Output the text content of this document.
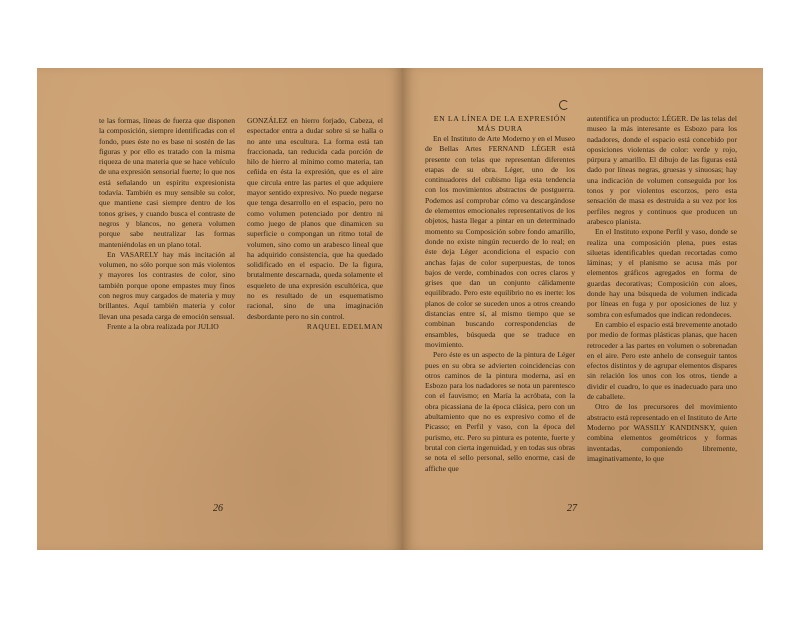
te las formas, líneas de fuerza que disponen la composición, siempre identificadas con el fondo, pues éste no es base ni sostén de las figuras y por ello es tratado con la misma riqueza de una materia que se hace vehículo de una expresión sensorial fuerte; lo que nos está señalando un espíritu expresionista todavía. También es muy sensible su color, que mantiene casi siempre dentro de los tonos grises, y cuando busca el contraste de negros y blancos, no genera volumen porque sabe neutralizar las formas manteniéndolas en un plano total.

En VASARELY hay más incitación al volumen, no sólo porque son más violentos y mayores los contrastes de color, sino también porque opone empastes muy finos con negros muy cargados de materia y muy brillantes. Aquí también materia y color llevan una pesada carga de emoción sensual.

Frente a la obra realizada por JULIO

GONZÁLEZ en hierro forjado, Cabeza, el espectador entra a dudar sobre si se halla o no ante una escultura. La forma está tan fraccionada, tan reducida cada porción de hilo de hierro al mínimo como materia, tan ceñida en ésta la expresión, que es el aire que circula entre las partes el que adquiere mayor sentido expresivo. No puede negarse que tenga desarrollo en el espacio, pero no como volumen potenciado por dentro ni como juego de planos que dinamicen su superficie o compongan un ritmo total de volumen, sino como un arabesco lineal que ha adquirido consistencia, que ha quedado solidificado en el espacio. De la figura, brutalmente descarnada, queda solamente el esqueleto de una expresión escultórica, que no es resultado de un esquematismo racional, sino de una imaginación desbordante pero no sin control.

RAQUEL EDELMAN

26

EN LA LÍNEA DE LA EXPRESIÓN
MÁS DURA

En el Instituto de Arte Moderno y en el Museo de Bellas Artes FERNAND LÉGER está presente con telas que representan diferentes etapas de su obra. Léger, uno de los continuadores del cubismo liga esta tendencia con los movimientos abstractos de postguerra. Podemos así comprobar cómo va descargándose de elementos emocionales representativos de los objetos, hasta llegar a pintar en un determinado momento su Composición sobre fondo amarillo, donde no existe ningún recuerdo de lo real; en éste deja Léger acondiciona el espacio con anchas fajas de color superpuestas, de tonos bajos de verde, combinados con ocres claros y grises que dan un conjunto cálidamente equilibrado. Pero este equilibrio no es inerte: los planos de color se suceden unos a otros creando distancias entre sí, al mismo tiempo que se combinan buscando correspondencias de ensambles, búsqueda que se traduce en movimiento.

Pero éste es un aspecto de la pintura de Léger pues en su obra se advierten coincidencias con otros caminos de la pintura moderna, así en Esbozo para los nadadores se nota un parentesco con el fauvismo; en María la acróbata, con la obra picassiana de la época clásica, pero con un abultamiento que no es expresivo como el de Picasso; en Perfil y vaso, con la época del purismo, etc. Pero su pintura es potente, fuerte y brutal con cierta ingenuidad, y en todas sus obras se nota el sello personal, sello enorme, casi de affiche que

autentifica un producto: LÉGER. De las telas del museo la más interesante es Esbozo para los nadadores, donde el espacio está concebido por oposiciones violentas de color: verde y rojo, púrpura y amarillo. El dibujo de las figuras está dado por líneas negras, gruesas y sinuosas; hay una indicación de volumen conseguida por los tonos y por violentos escorzos, pero esta sensación de masa es destruida a su vez por los perfiles negros y continuos que producen un arabesco planista.

En el Instituto expone Perfil y vaso, donde se realiza una composición plena, pues estas siluetas identificables quedan recortadas como láminas; y el planismo se acusa más por elementos gráficos agregados en forma de guardas decorativas; Composición con aloes, donde hay una búsqueda de volumen indicada por líneas en fuga y por oposiciones de luz y sombra con esfumados que indican redondeces.

En cambio el espacio está brevemente anotado por medio de formas plásticas planas, que hacen retroceder a las partes en volumen o sobrenadan en el aire. Pero este anhelo de conseguir tantos efectos distintos y de agrupar elementos dispares sin relación los unos con los otros, tiende a dividir el cuadro, lo que es inadecuado para uno de caballete.

Otro de los precursores del movimiento abstracto está representado en el Instituto de Arte Moderno por WASSILY KANDINSKY, quien combina elementos geométricos y formas inventadas, componiendo libremente, imaginativamente, lo que

27
